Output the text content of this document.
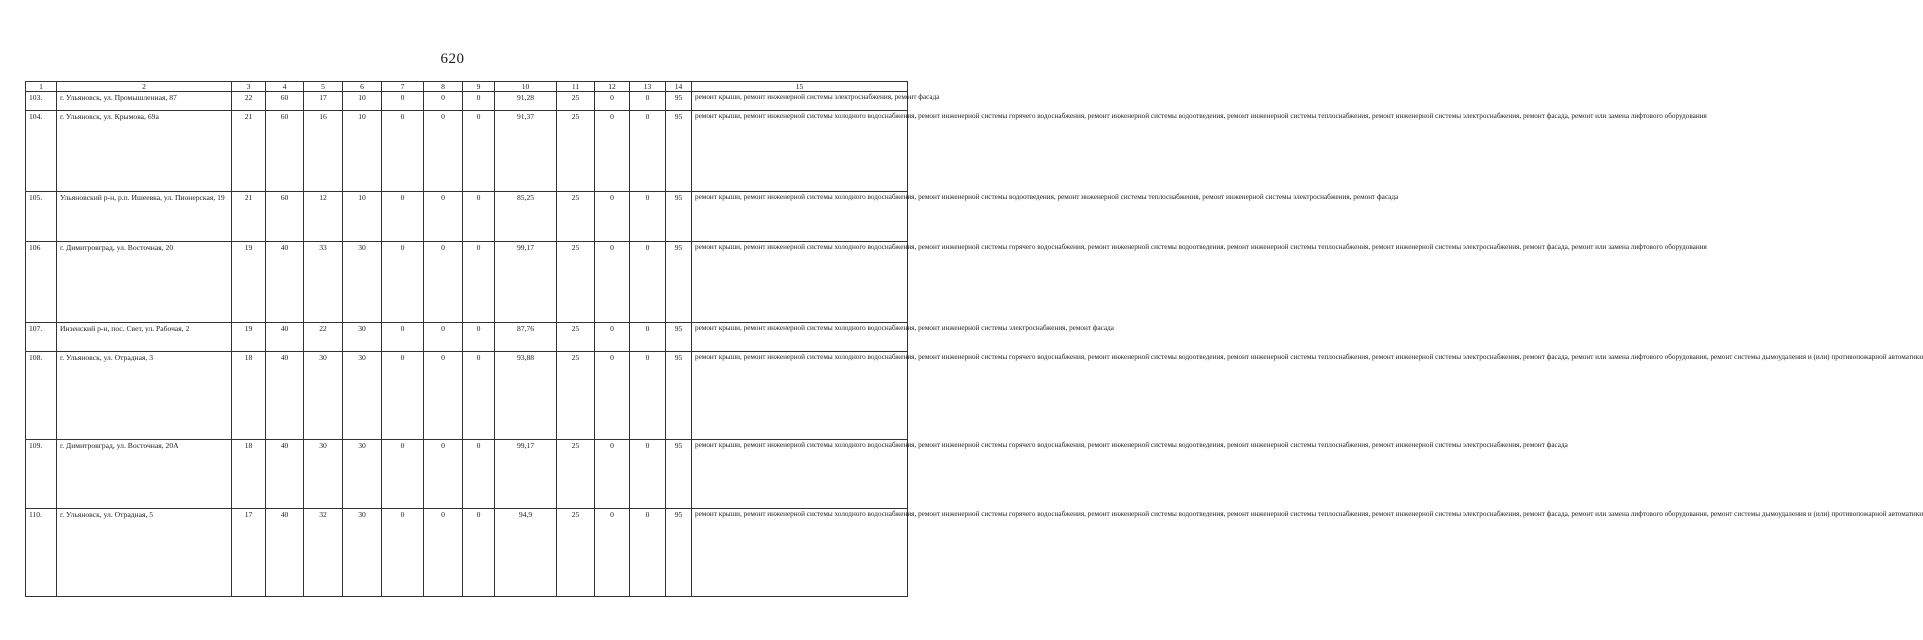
620
1	2	3	4	5	6	7	8	9	10	11	12	13	14	15
103.	г. Ульяновск, ул. Промышленная, 87	22	60	17	10	0	0	0	91,28	25	0	0	95	ремонт крыши, ремонт инженерной системы электроснабжения, ремонт фасада
104.	г. Ульяновск, ул. Крымова, 69а	21	60	16	10	0	0	0	91,37	25	0	0	95	ремонт крыши, ремонт инженерной системы холодного водоснабжения, ремонт инженерной системы горячего водоснабжения, ремонт инженерной системы водоотведения, ремонт инженерной системы теплоснабжения, ремонт инженерной системы электроснабжения, ремонт фасада, ремонт или замена лифтового оборудования
105.	Ульяновский р-н, р.п. Ишеевка, ул. Пионерская, 19	21	60	12	10	0	0	0	85,25	25	0	0	95	ремонт крыши, ремонт инженерной системы холодного водоснабжения, ремонт инженерной системы водоотведения, ремонт инженерной системы теплоснабжения, ремонт инженерной системы электроснабжения, ремонт фасада
106	г. Димитровград, ул. Восточная, 20	19	40	33	30	0	0	0	99,17	25	0	0	95	ремонт крыши, ремонт инженерной системы холодного водоснабжения, ремонт инженерной системы горячего водоснабжения, ремонт инженерной системы водоотведения, ремонт инженерной системы теплоснабжения, ремонт инженерной системы электроснабжения, ремонт фасада, ремонт или замена лифтового оборудования
107.	Инзенский р-н, пос. Свет, ул. Рабочая, 2	19	40	22	30	0	0	0	87,76	25	0	0	95	ремонт крыши, ремонт инженерной системы холодного водоснабжения, ремонт инженерной системы электроснабжения, ремонт фасада
108.	г. Ульяновск, ул. Отрадная, 3	18	40	30	30	0	0	0	93,88	25	0	0	95	ремонт крыши, ремонт инженерной системы холодного водоснабжения, ремонт инженерной системы горячего водоснабжения, ремонт инженерной системы водоотведения, ремонт инженерной системы теплоснабжения, ремонт инженерной системы электроснабжения, ремонт фасада, ремонт или замена лифтового оборудования, ремонт системы дымоудаления и (или) противопожарной автоматики
109.	г. Димитровград, ул. Восточная, 20А	18	40	30	30	0	0	0	99,17	25	0	0	95	ремонт крыши, ремонт инженерной системы холодного водоснабжения, ремонт инженерной системы горячего водоснабжения, ремонт инженерной системы водоотведения, ремонт инженерной системы теплоснабжения, ремонт инженерной системы электроснабжения, ремонт фасада
110.	г. Ульяновск, ул. Отрадная, 5	17	40	32	30	0	0	0	94,9	25	0	0	95	ремонт крыши, ремонт инженерной системы холодного водоснабжения, ремонт инженерной системы горячего водоснабжения, ремонт инженерной системы водоотведения, ремонт инженерной системы теплоснабжения, ремонт инженерной системы электроснабжения, ремонт фасада, ремонт или замена лифтового оборудования, ремонт системы дымоудаления и (или) противопожарной автоматики
